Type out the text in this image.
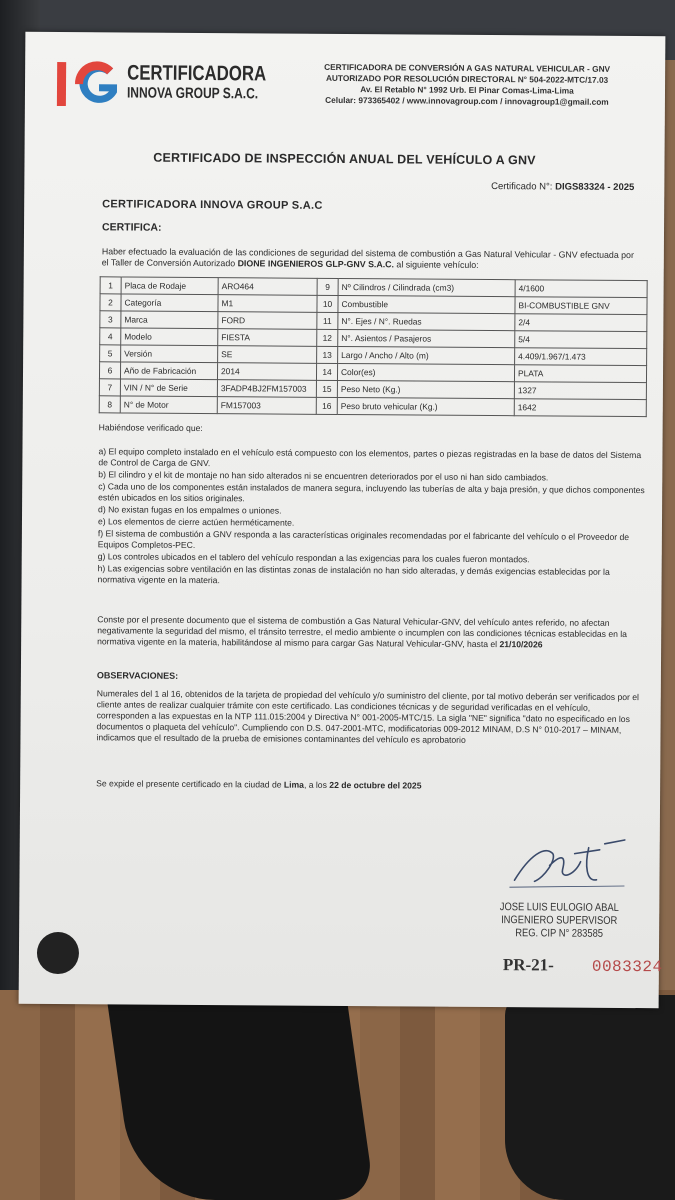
CERTIFICADORA
INNOVA GROUP S.A.C.
CERTIFICADORA DE CONVERSIÓN A GAS NATURAL VEHICULAR - GNV
AUTORIZADO POR RESOLUCIÓN DIRECTORAL N° 504-2022-MTC/17.03
Av. El Retablo N° 1992 Urb. El Pinar Comas-Lima-Lima
Celular: 973365402 / www.innovagroup.com / innovagroup1@gmail.com
CERTIFICADO DE INSPECCIÓN ANUAL DEL VEHÍCULO A GNV
Certificado N°: DIGS83324 - 2025
CERTIFICADORA INNOVA GROUP S.A.C
CERTIFICA:
Haber efectuado la evaluación de las condiciones de seguridad del sistema de combustión a Gas Natural Vehicular - GNV efectuada por el Taller de Conversión Autorizado DIONE INGENIEROS GLP-GNV S.A.C. al siguiente vehículo:
1	Placa de Rodaje	ARO464	9	Nº Cilindros / Cilindrada (cm3)	4/1600
2	Categoría	M1	10	Combustible	BI-COMBUSTIBLE GNV
3	Marca	FORD	11	N°. Ejes / N°. Ruedas	2/4
4	Modelo	FIESTA	12	N°. Asientos / Pasajeros	5/4
5	Versión	SE	13	Largo / Ancho / Alto (m)	4.409/1.967/1.473
6	Año de Fabricación	2014	14	Color(es)	PLATA
7	VIN / N° de Serie	3FADP4BJ2FM157003	15	Peso Neto (Kg.)	1327
8	N° de Motor	FM157003	16	Peso bruto vehicular (Kg.)	1642
Habiéndose verificado que:
a) El equipo completo instalado en el vehículo está compuesto con los elementos, partes o piezas registradas en la base de datos del Sistema de Control de Carga de GNV.
b) El cilindro y el kit de montaje no han sido alterados ni se encuentren deteriorados por el uso ni han sido cambiados.
c) Cada uno de los componentes están instalados de manera segura, incluyendo las tuberías de alta y baja presión, y que dichos componentes estén ubicados en los sitios originales.
d) No existan fugas en los empalmes o uniones.
e) Los elementos de cierre actúen herméticamente.
f) El sistema de combustión a GNV responda a las características originales recomendadas por el fabricante del vehículo o el Proveedor de Equipos Completos-PEC.
g) Los controles ubicados en el tablero del vehículo respondan a las exigencias para los cuales fueron montados.
h) Las exigencias sobre ventilación en las distintas zonas de instalación no han sido alteradas, y demás exigencias establecidas por la normativa vigente en la materia.
Conste por el presente documento que el sistema de combustión a Gas Natural Vehicular-GNV, del vehículo antes referido, no afectan negativamente la seguridad del mismo, el tránsito terrestre, el medio ambiente o incumplen con las condiciones técnicas establecidas en la normativa vigente en la materia, habilitándose al mismo para cargar Gas Natural Vehicular-GNV, hasta el 21/10/2026
OBSERVACIONES:
Numerales del 1 al 16, obtenidos de la tarjeta de propiedad del vehículo y/o suministro del cliente, por tal motivo deberán ser verificados por el cliente antes de realizar cualquier trámite con este certificado. Las condiciones técnicas y de seguridad verificadas en el vehículo, corresponden a las expuestas en la NTP 111.015:2004 y Directiva N° 001-2005-MTC/15. La sigla "NE" significa "dato no especificado en los documentos o plaqueta del vehículo". Cumpliendo con D.S. 047-2001-MTC, modificatorias 009-2012 MINAM, D.S N° 010-2017 – MINAM, indicamos que el resultado de la prueba de emisiones contaminantes del vehículo es aprobatorio
Se expide el presente certificado en la ciudad de Lima, a los 22 de octubre del 2025
JOSE LUIS EULOGIO ABAL
INGENIERO SUPERVISOR
REG. CIP N° 283585
PR-21- 0083324
